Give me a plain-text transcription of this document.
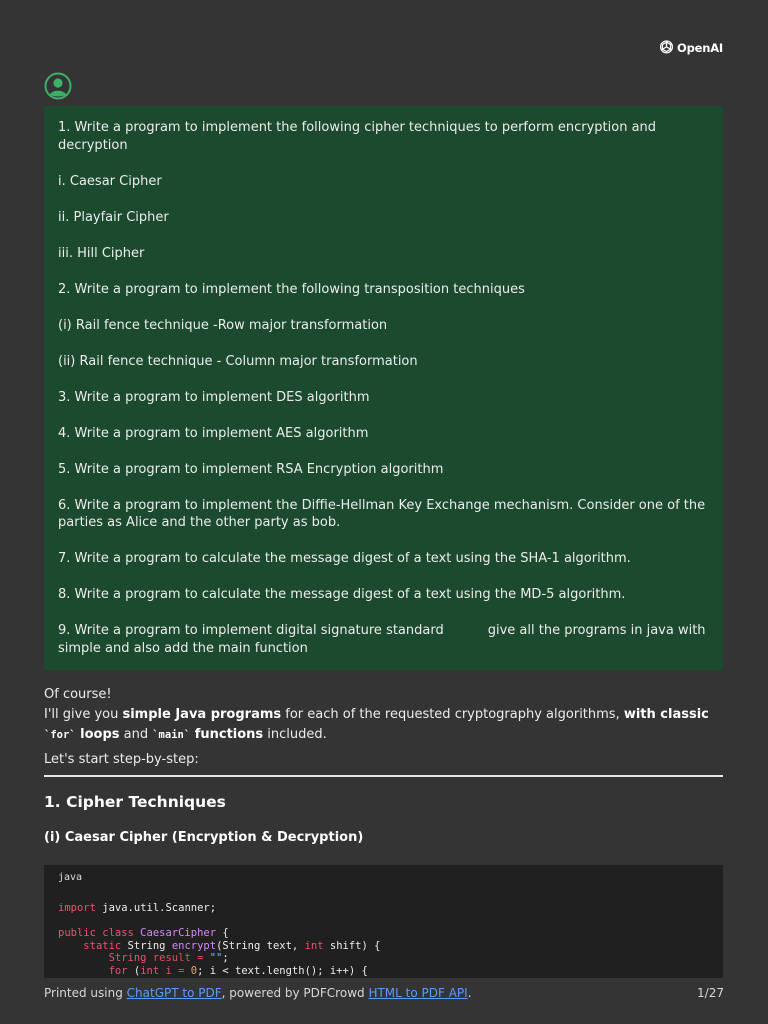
OpenAI

1. Write a program to implement the following cipher techniques to perform encryption and decryption

i. Caesar Cipher

ii. Playfair Cipher

iii. Hill Cipher

2. Write a program to implement the following transposition techniques

(i) Rail fence technique -Row major transformation

(ii) Rail fence technique - Column major transformation

3. Write a program to implement DES algorithm

4. Write a program to implement AES algorithm

5. Write a program to implement RSA Encryption algorithm

6. Write a program to implement the Diffie-Hellman Key Exchange mechanism. Consider one of the parties as Alice and the other party as bob.

7. Write a program to calculate the message digest of a text using the SHA-1 algorithm.

8. Write a program to calculate the message digest of a text using the MD-5 algorithm.

9. Write a program to implement digital signature standard	give all the programs in java with simple and also add the main function

Of course!

I'll give you simple Java programs for each of the requested cryptography algorithms, with classic
`for` loops and `main` functions included.

Let's start step-by-step:

1. Cipher Techniques
(i) Caesar Cipher (Encryption & Decryption)
java
import java.util.Scanner;

public class CaesarCipher {
static String encrypt(String text, int shift) {
String result = "";
for (int i = 0; i < text.length(); i++) {
Printed using ChatGPT to PDF, powered by PDFCrowd HTML to PDF API.	1/27
